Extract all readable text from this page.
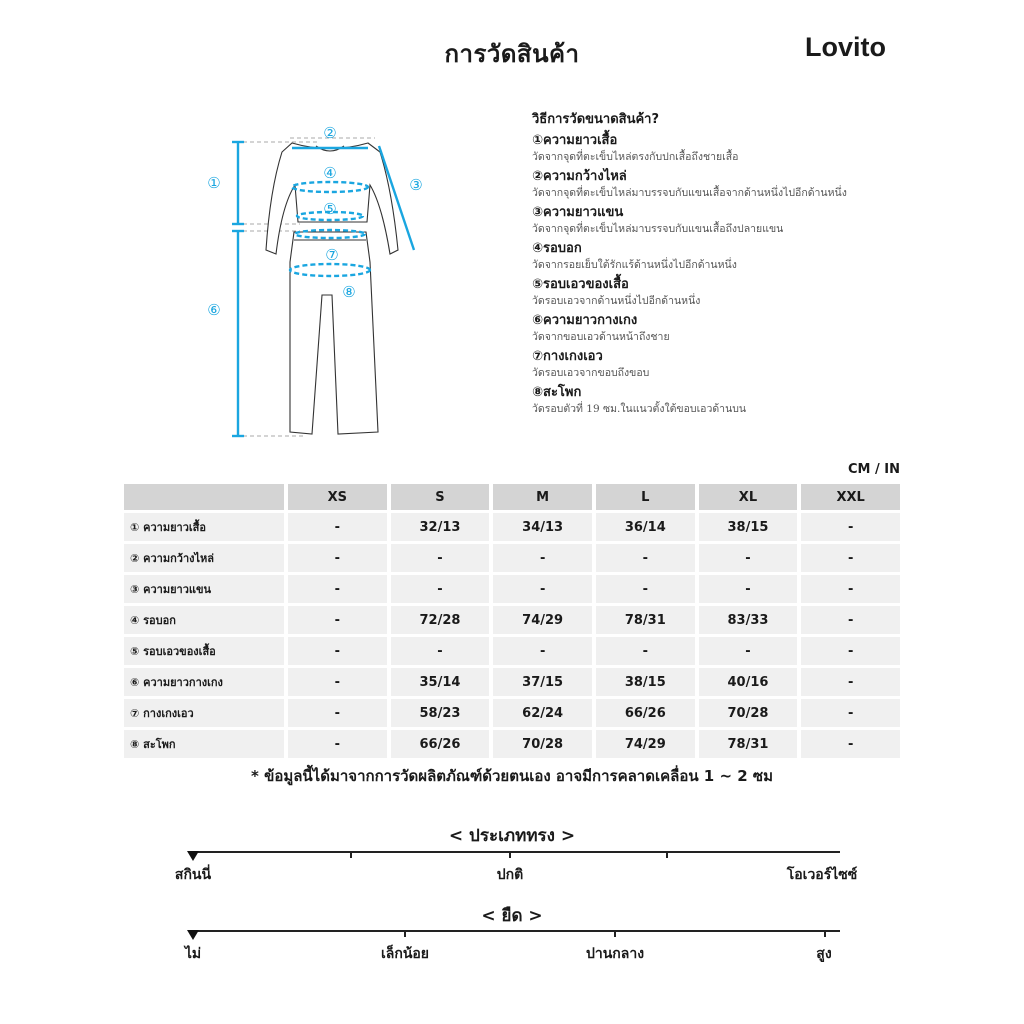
การวัดสินค้า	Lovito
①
②
③
④
⑤
⑥
⑦
⑧
วิธีการวัดขนาดสินค้า?
①ความยาวเสื้อ
วัดจากจุดที่ตะเข็บไหล่ตรงกับปกเสื้อถึงชายเสื้อ
②ความกว้างไหล่
วัดจากจุดที่ตะเข็บไหล่มาบรรจบกับแขนเสื้อจากด้านหนึ่งไปอีกด้านหนึ่ง
③ความยาวแขน
วัดจากจุดที่ตะเข็บไหล่มาบรรจบกับแขนเสื้อถึงปลายแขน
④รอบอก
วัดจากรอยเย็บใต้รักแร้ด้านหนึ่งไปอีกด้านหนึ่ง
⑤รอบเอวของเสื้อ
วัดรอบเอวจากด้านหนึ่งไปอีกด้านหนึ่ง
⑥ความยาวกางเกง
วัดจากขอบเอวด้านหน้าถึงชาย
⑦กางเกงเอว
วัดรอบเอวจากขอบถึงขอบ
⑧สะโพก
วัดรอบตัวที่ 19 ซม.ในแนวตั้งใต้ขอบเอวด้านบน
CM / IN
	XS	S	M	L	XL	XXL
① ความยาวเสื้อ	-	32/13	34/13	36/14	38/15	-
② ความกว้างไหล่	-	-	-	-	-	-
③ ความยาวแขน	-	-	-	-	-	-
④ รอบอก	-	72/28	74/29	78/31	83/33	-
⑤ รอบเอวของเสื้อ	-	-	-	-	-	-
⑥ ความยาวกางเกง	-	35/14	37/15	38/15	40/16	-
⑦ กางเกงเอว	-	58/23	62/24	66/26	70/28	-
⑧ สะโพก	-	66/26	70/28	74/29	78/31	-
* ข้อมูลนี้ได้มาจากการวัดผลิตภัณฑ์ด้วยตนเอง อาจมีการคลาดเคลื่อน 1 ~ 2 ซม
< ประเภททรง >
สกินนี่	ปกติ	โอเวอร์ไซซ์
< ยืด >
ไม่	เล็กน้อย	ปานกลาง	สูง
